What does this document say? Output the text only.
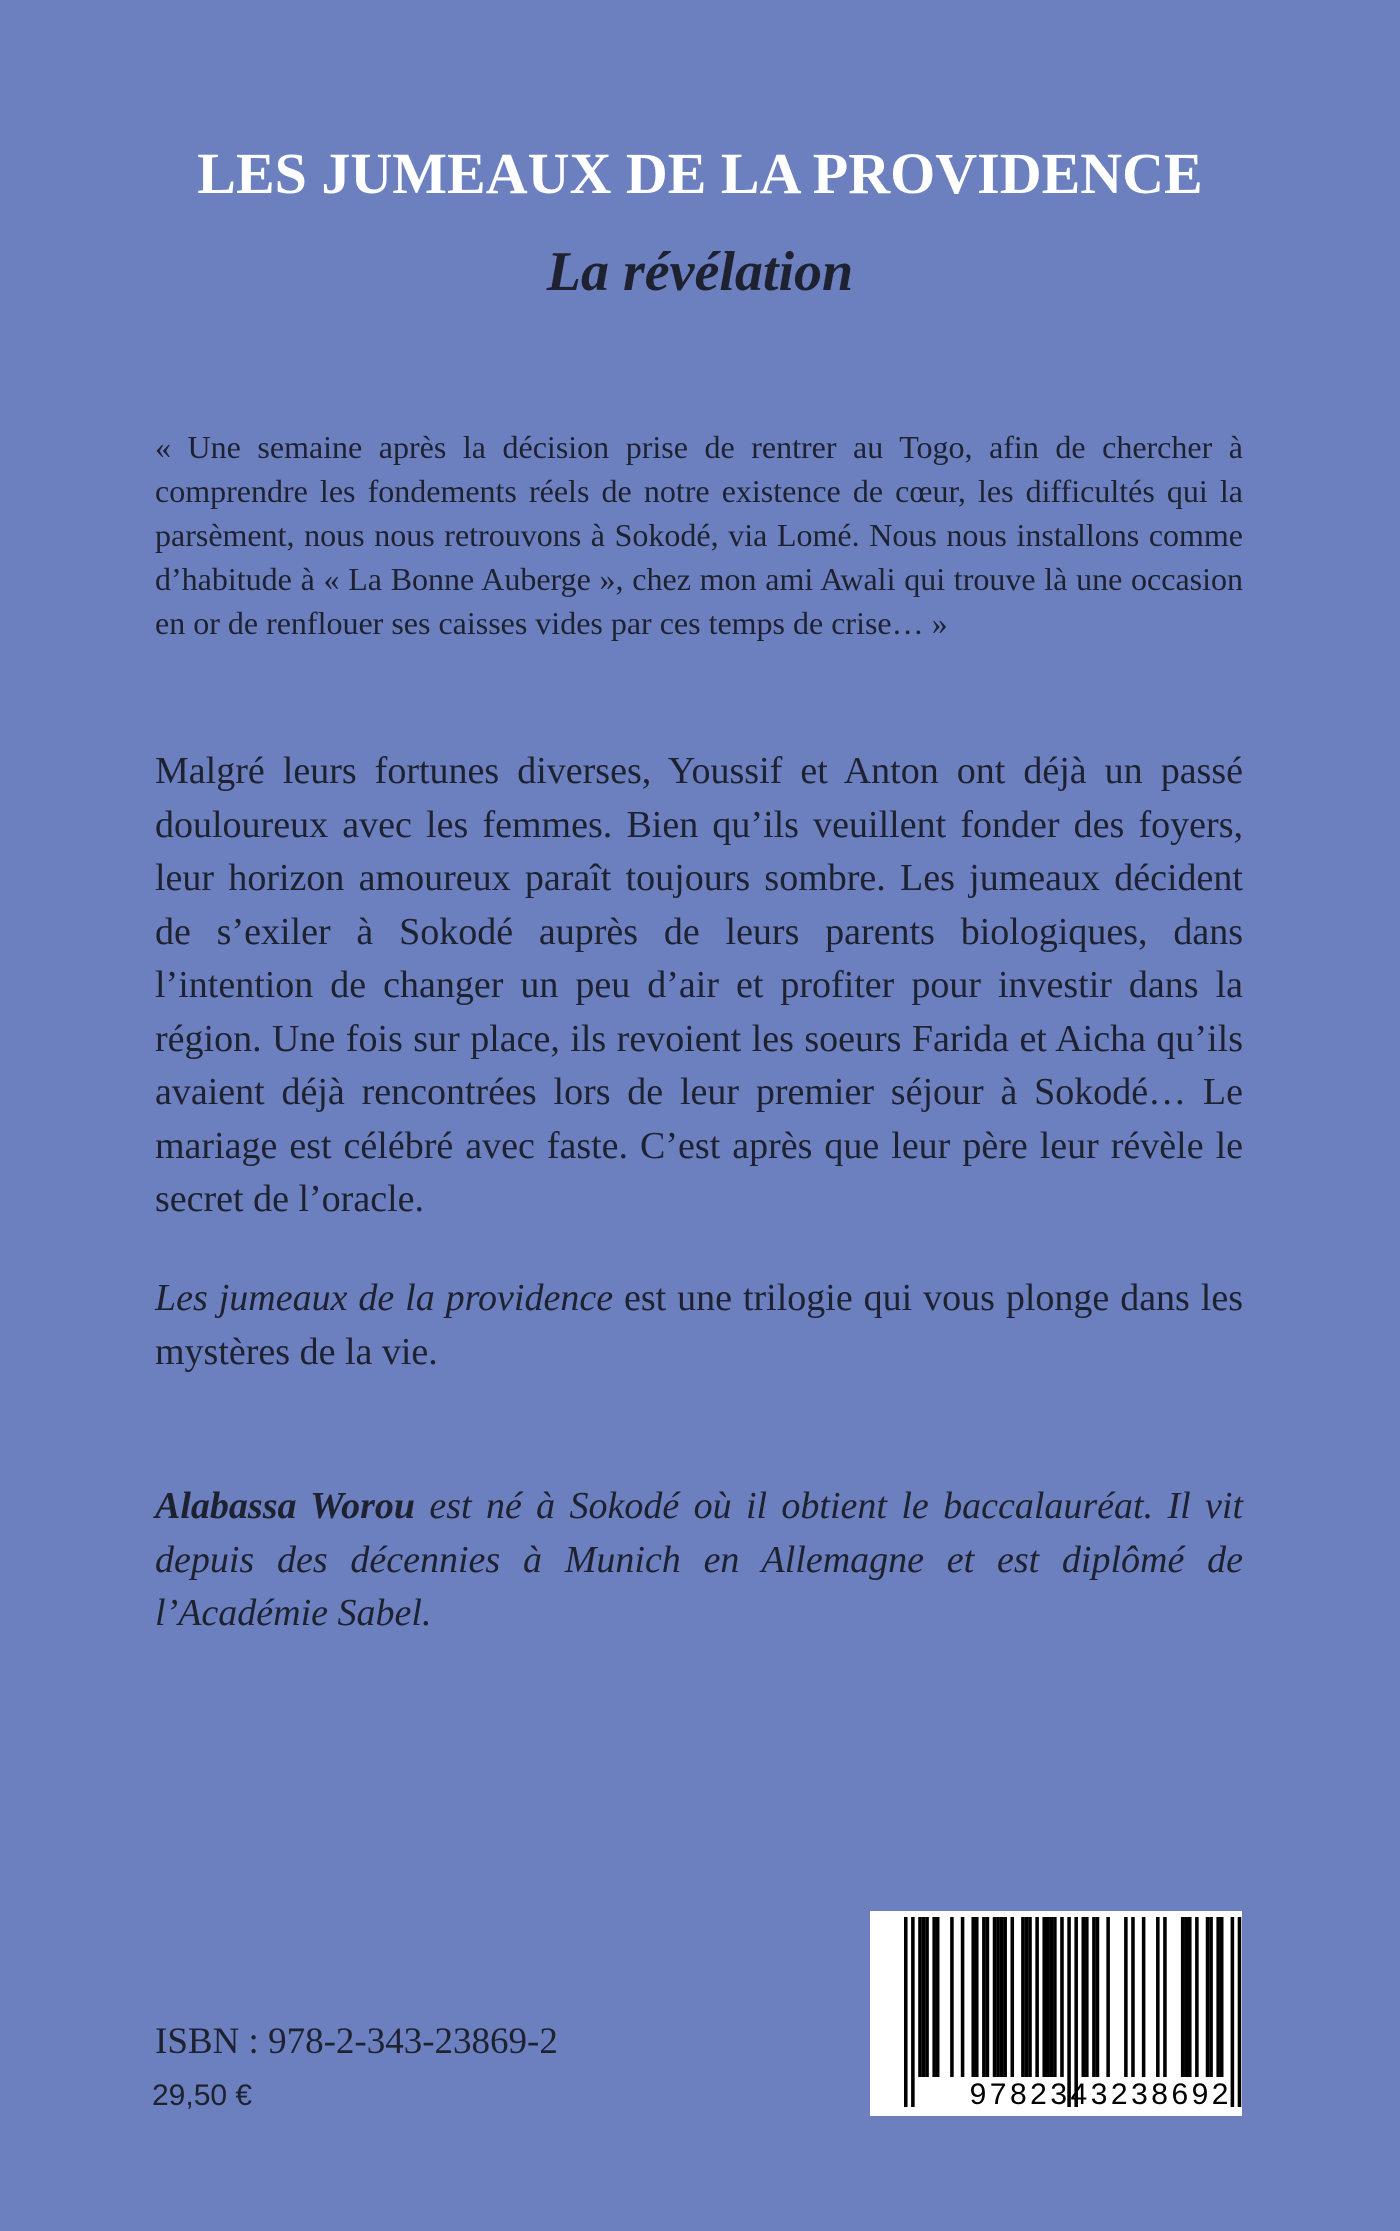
LES JUMEAUX DE LA PROVIDENCE
La révélation

« Une semaine après la décision prise de rentrer au Togo, afin de chercher à comprendre les fondements réels de notre existence de cœur, les difficultés qui la parsèment, nous nous retrouvons à Sokodé, via Lomé. Nous nous installons comme d’habitude à « La Bonne Auberge », chez mon ami Awali qui trouve là une occasion en or de renflouer ses caisses vides par ces temps de crise… »

Malgré leurs fortunes diverses, Youssif et Anton ont déjà un passé douloureux avec les femmes. Bien qu’ils veuillent fonder des foyers, leur horizon amoureux paraît toujours sombre. Les jumeaux décident de s’exiler à Sokodé auprès de leurs parents biologiques, dans l’intention de changer un peu d’air et profiter pour investir dans la région. Une fois sur place, ils revoient les soeurs Farida et Aicha qu’ils avaient déjà rencontrées lors de leur premier séjour à Sokodé… Le mariage est célébré avec faste. C’est après que leur père leur révèle le secret de l’oracle.

Les jumeaux de la providence est une trilogie qui vous plonge dans les mystères de la vie.

Alabassa Worou est né à Sokodé où il obtient le baccalauréat. Il vit depuis des décennies à Munich en Allemagne et est diplômé de l’Académie Sabel.

ISBN : 978-2-343-23869-2

29,50 €	9782343238692
